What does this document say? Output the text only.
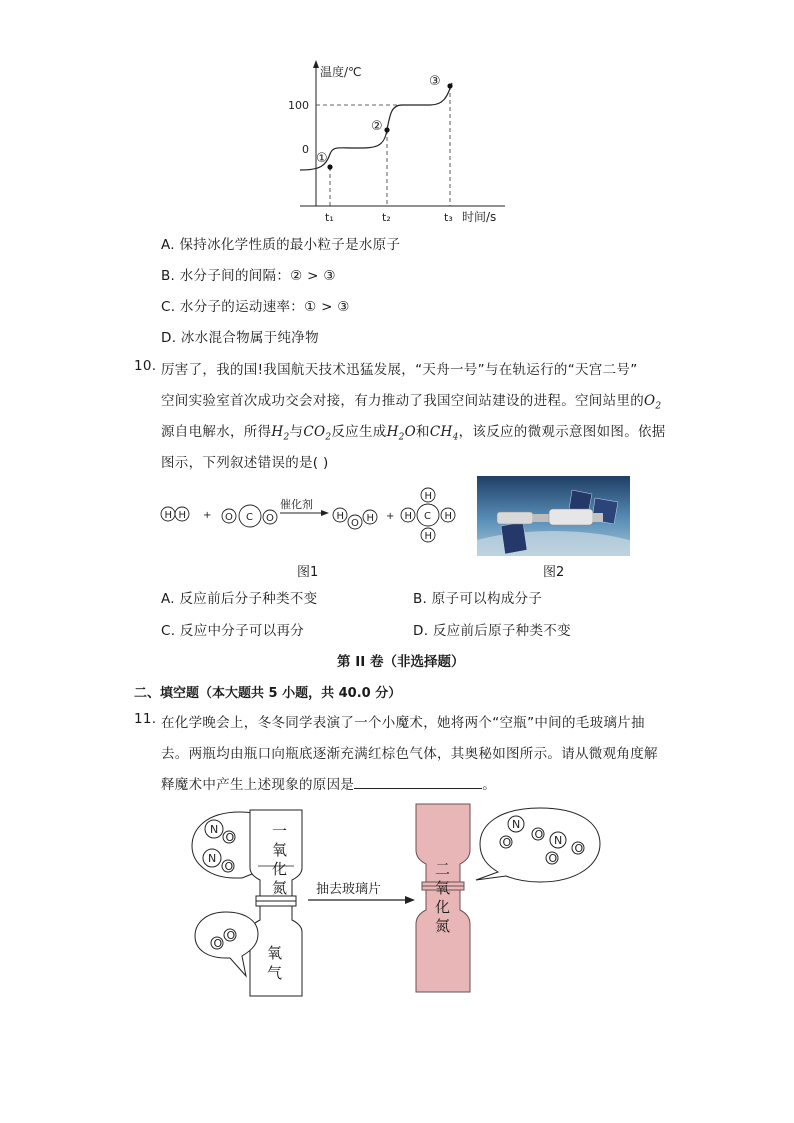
温度/℃
100
0
①
②
③
t₁	t₂	t₃ 时间/s
A. 保持冰化学性质的最小粒子是水原子
B. 水分子间的间隔：② > ③
C. 水分子的运动速率：① > ③
D. 冰水混合物属于纯净物
10. 厉害了，我的国!我国航天技术迅猛发展，“天舟一号”与在轨运行的“天宫二号”
空间实验室首次成功交会对接，有力推动了我国空间站建设的进程。空间站里的$O_2$
源自电解水，所得$H_2$与$CO_2$反应生成$H_2O$和$CH_4$，该反应的微观示意图如图。依据
图示，下列叙述错误的是( )
H H + O C O
催化剂
H
O H + H C H
H
H
图1	图2
A. 反应前后分子种类不变	B. 原子可以构成分子
C. 反应中分子可以再分	D. 反应前后原子种类不变
第 II 卷（非选择题）
二、填空题（本大题共 5 小题，共 40.0 分）
11. 在化学晚会上，冬冬同学表演了一个小魔术，她将两个“空瓶”中间的毛玻璃片抽
去。两瓶均由瓶口向瓶底逐渐充满红棕色气体，其奥秘如图所示。请从微观角度解
释魔术中产生上述现象的原因是	。
N
O
N
O
O
O
N
O
O N
O
O
一
氧
化
氮
氧
气
二
氧
化
氮
抽去玻璃片
